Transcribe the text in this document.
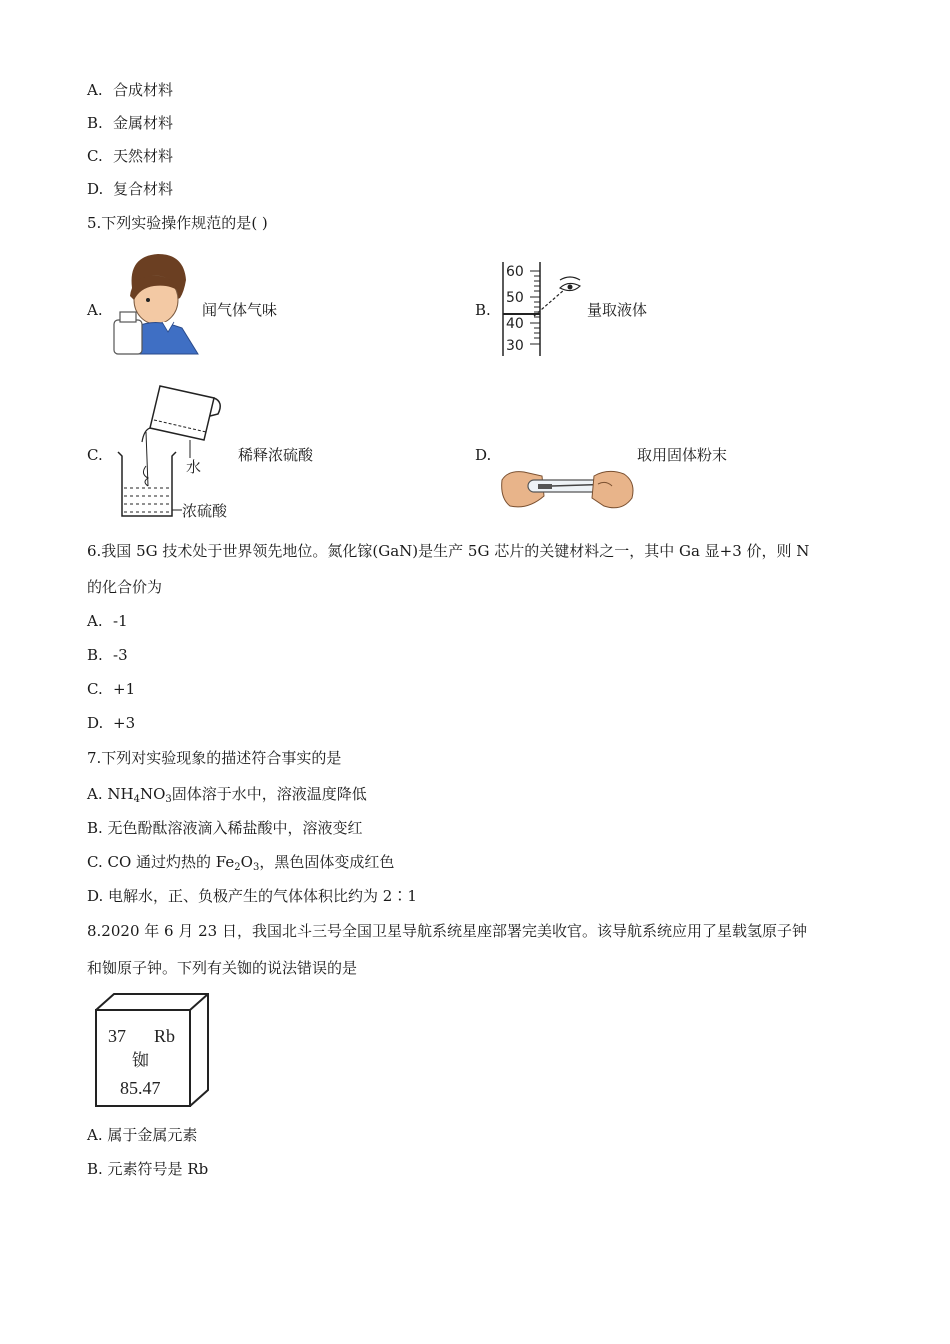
A. 合成材料
B. 金属材料
C. 天然材料
D. 复合材料
5.下列实验操作规范的是( )
A.	闻气体气味	B.
60
50
40
30
量取液体
C.
水
浓硫酸
稀释浓硫酸	D.	取用固体粉末
6.我国 5G 技术处于世界领先地位。氮化镓(GaN)是生产 5G 芯片的关键材料之一，其中 Ga 显+3 价，则 N
的化合价为
A. -1
B. -3
C. +1
D. +3
7.下列对实验现象的描述符合事实的是
A. $NH_4NO_3$固体溶于水中，溶液温度降低
B. 无色酚酞溶液滴入稀盐酸中，溶液变红
C. CO 通过灼热的 $Fe_2O_3$，黑色固体变成红色
D. 电解水，正、负极产生的气体体积比约为 2∶1
8.2020 年 6 月 23 日，我国北斗三号全国卫星导航系统星座部署完美收官。该导航系统应用了星载氢原子钟
和铷原子钟。下列有关铷的说法错误的是
37 Rb
铷
85.47
A. 属于金属元素
B. 元素符号是 Rb
